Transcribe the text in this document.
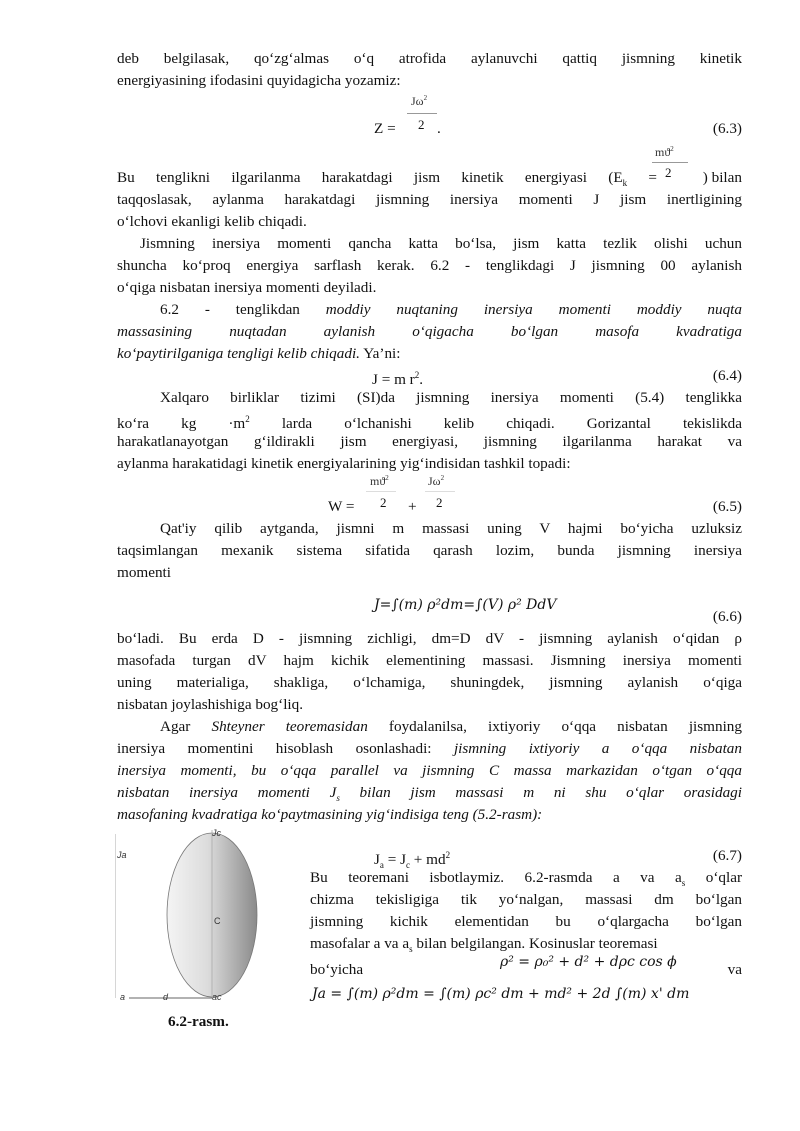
deb belgilasak, qo‘zg‘almas o‘q atrofida aylanuvchi qattiq jismning kinetik
energiyasining ifodasini quyidagicha yozamiz:
$J\omega^2$
Z = 2 .	(6.3)
$mϑ^2$
2
Bu tenglikni ilgarilanma harakatdagi jism kinetik energiyasi ($E_k$ =	) bilan
taqqoslasak, aylanma harakatdagi jismning inersiya momenti J jism inertligining
o‘lchovi ekanligi kelib chiqadi.
Jismning inersiya momenti qancha katta bo‘lsa, jism katta tezlik olishi uchun
shuncha ko‘proq energiya sarflash kerak. 6.2 - tenglikdagi J jismning 00 aylanish
o‘qiga nisbatan inersiya momenti deyiladi.
6.2 - tenglikdan moddiy nuqtaning inersiya momenti moddiy nuqta
massasining nuqtadan aylanish o‘qigacha bo‘lgan masofa kvadratiga
ko‘paytirilganiga tengligi kelib chiqadi. Ya’ni:
J = m $r^2$.	(6.4)
Xalqaro birliklar tizimi (SI)da jismning inersiya momenti (5.4) tenglikka
ko‘ra kg $\cdot m^2$ larda o‘lchanishi kelib chiqadi. Gorizantal tekislikda
harakatlanayotgan g‘ildirakli jism energiyasi, jismning ilgarilanma harakat va
aylanma harakatidagi kinetik energiyalarining yig‘indisidan tashkil topadi:
$mϑ^2$	$J\omega^2$
W = 2 + 2	(6.5)
Qat'iy qilib aytganda, jismni m massasi uning V hajmi bo‘yicha uzluksiz
taqsimlangan mexanik sistema sifatida qarash lozim, bunda jismning inersiya
momenti
J=∫(m) ρ²dm=∫(V) ρ² DdV
(6.6)
bo‘ladi. Bu erda D - jismning zichligi, dm=D dV - jismning aylanish o‘qidan ρ
masofada turgan dV hajm kichik elementining massasi. Jismning inersiya momenti
uning materialiga, shakliga, o‘lchamiga, shuningdek, jismning aylanish o‘qiga
nisbatan joylashishiga bog‘liq.
Agar Shteyner teoremasidan foydalanilsa, ixtiyoriy o‘qqa nisbatan jismning
inersiya momentini hisoblash osonlashadi: jismning ixtiyoriy a o‘qqa nisbatan
inersiya momenti, bu o‘qqa parallel va jismning C massa markazidan o‘tgan o‘qqa
nisbatan inersiya momenti $J_s$ bilan jism massasi m ni shu o‘qlar orasidagi
masofaning kvadratiga ko‘paytmasining yig‘indisiga teng (5.2-rasm):
Jc
Ja
C
a	d	ac
6.2-rasm.
$J_a = J_c + md^2$	(6.7)
Bu teoremani isbotlaymiz. 6.2-rasmda a va $a_s$ o‘qlar
chizma tekisligiga tik yo‘nalgan, massasi dm bo‘lgan
jismning kichik elementidan bu o‘qlargacha bo‘lgan
masofalar a va $a_s$ bilan belgilangan. Kosinuslar teoremasi
bo‘yicha	ρ² = ρ₀² + d² + dρc cos ϕ	va
Ja = ∫(m) ρ²dm = ∫(m) ρc² dm + md² + 2d ∫(m) x' dm
